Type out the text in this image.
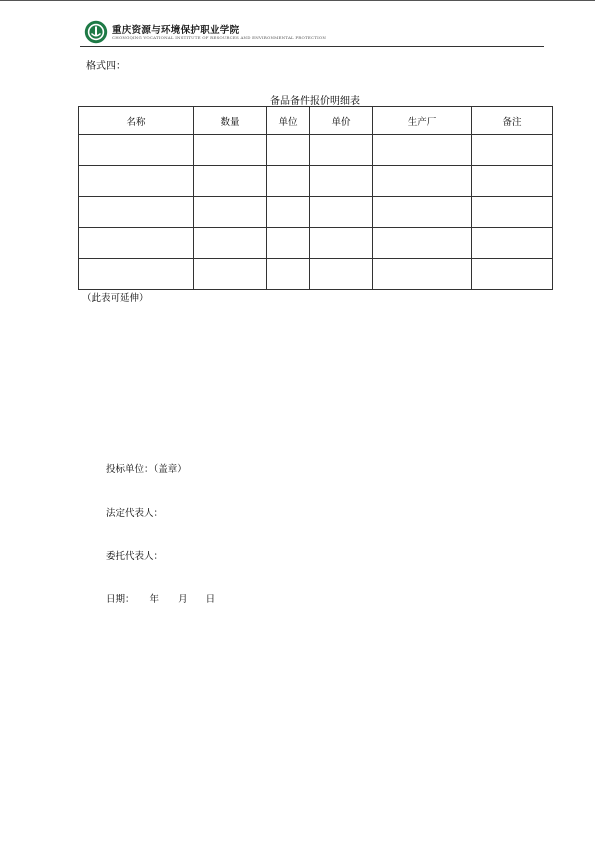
重庆资源与环境保护职业学院
CHONGQING VOCATIONAL INSTITUTE OF RESOURCES AND ENVIRONMENTAL PROTECTION
格式四：
备品备件报价明细表
名称	数量	单位	单价	生产厂	备注

（此表可延伸）
投标单位：（盖章）
法定代表人：
委托代表人：
日期： 年 月 日
